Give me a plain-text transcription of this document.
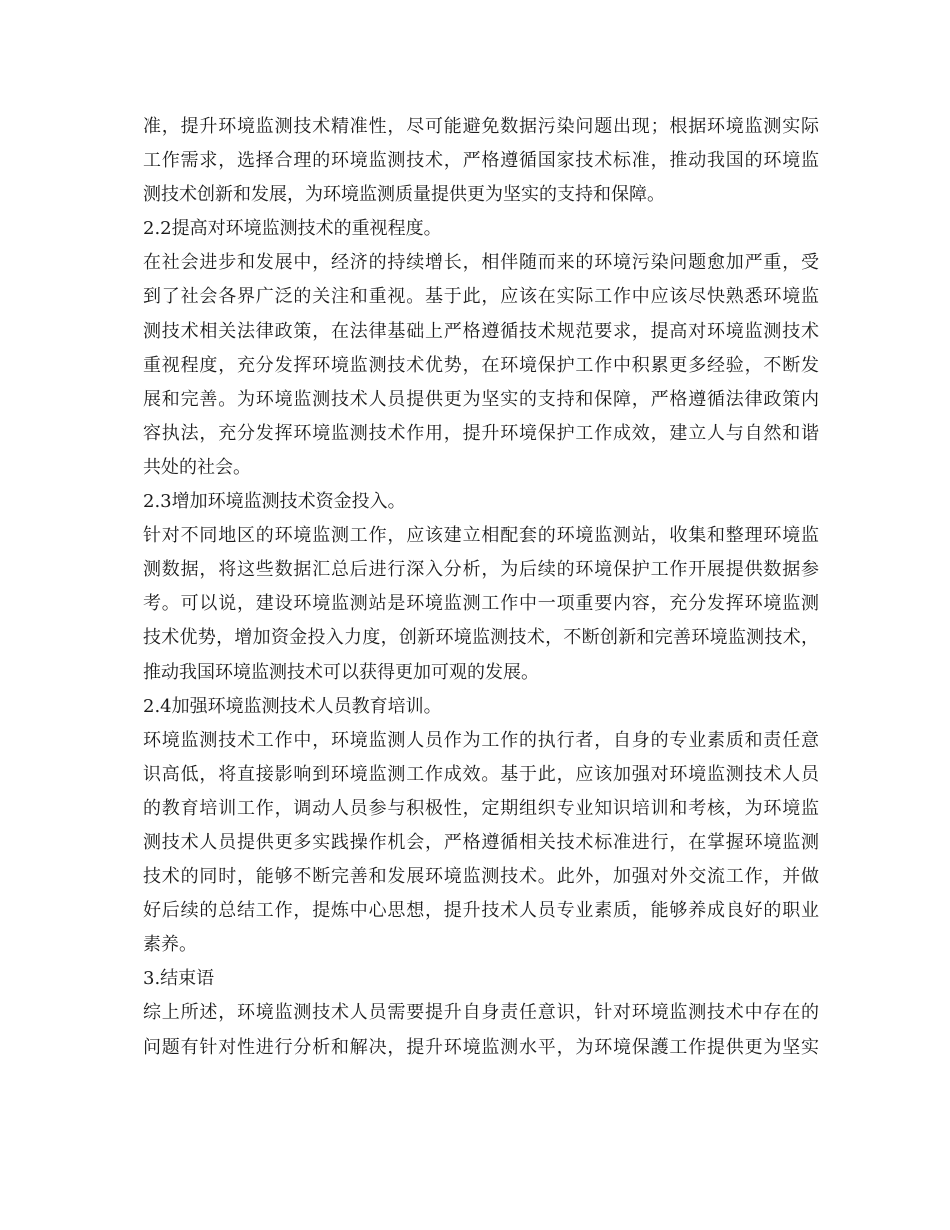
准，提升环境监测技术精准性，尽可能避免数据污染问题出现；根据环境监测实际
工作需求，选择合理的环境监测技术，严格遵循国家技术标准，推动我国的环境监
测技术创新和发展，为环境监测质量提供更为坚实的支持和保障。
2.2提高对环境监测技术的重视程度。
在社会进步和发展中，经济的持续增长，相伴随而来的环境污染问题愈加严重，受
到了社会各界广泛的关注和重视。基于此，应该在实际工作中应该尽快熟悉环境监
测技术相关法律政策，在法律基础上严格遵循技术规范要求，提高对环境监测技术
重视程度，充分发挥环境监测技术优势，在环境保护工作中积累更多经验，不断发
展和完善。为环境监测技术人员提供更为坚实的支持和保障，严格遵循法律政策内
容执法，充分发挥环境监测技术作用，提升环境保护工作成效，建立人与自然和谐
共处的社会。
2.3增加环境监测技术资金投入。
针对不同地区的环境监测工作，应该建立相配套的环境监测站，收集和整理环境监
测数据，将这些数据汇总后进行深入分析，为后续的环境保护工作开展提供数据参
考。可以说，建设环境监测站是环境监测工作中一项重要内容，充分发挥环境监测
技术优势，增加资金投入力度，创新环境监测技术，不断创新和完善环境监测技术，
推动我国环境监测技术可以获得更加可观的发展。
2.4加强环境监测技术人员教育培训。
环境监测技术工作中，环境监测人员作为工作的执行者，自身的专业素质和责任意
识高低，将直接影响到环境监测工作成效。基于此，应该加强对环境监测技术人员
的教育培训工作，调动人员参与积极性，定期组织专业知识培训和考核，为环境监
测技术人员提供更多实践操作机会，严格遵循相关技术标准进行，在掌握环境监测
技术的同时，能够不断完善和发展环境监测技术。此外，加强对外交流工作，并做
好后续的总结工作，提炼中心思想，提升技术人员专业素质，能够养成良好的职业
素养。
3.结束语
综上所述，环境监测技术人员需要提升自身责任意识，针对环境监测技术中存在的
问题有针对性进行分析和解决，提升环境监测水平，为环境保護工作提供更为坚实
